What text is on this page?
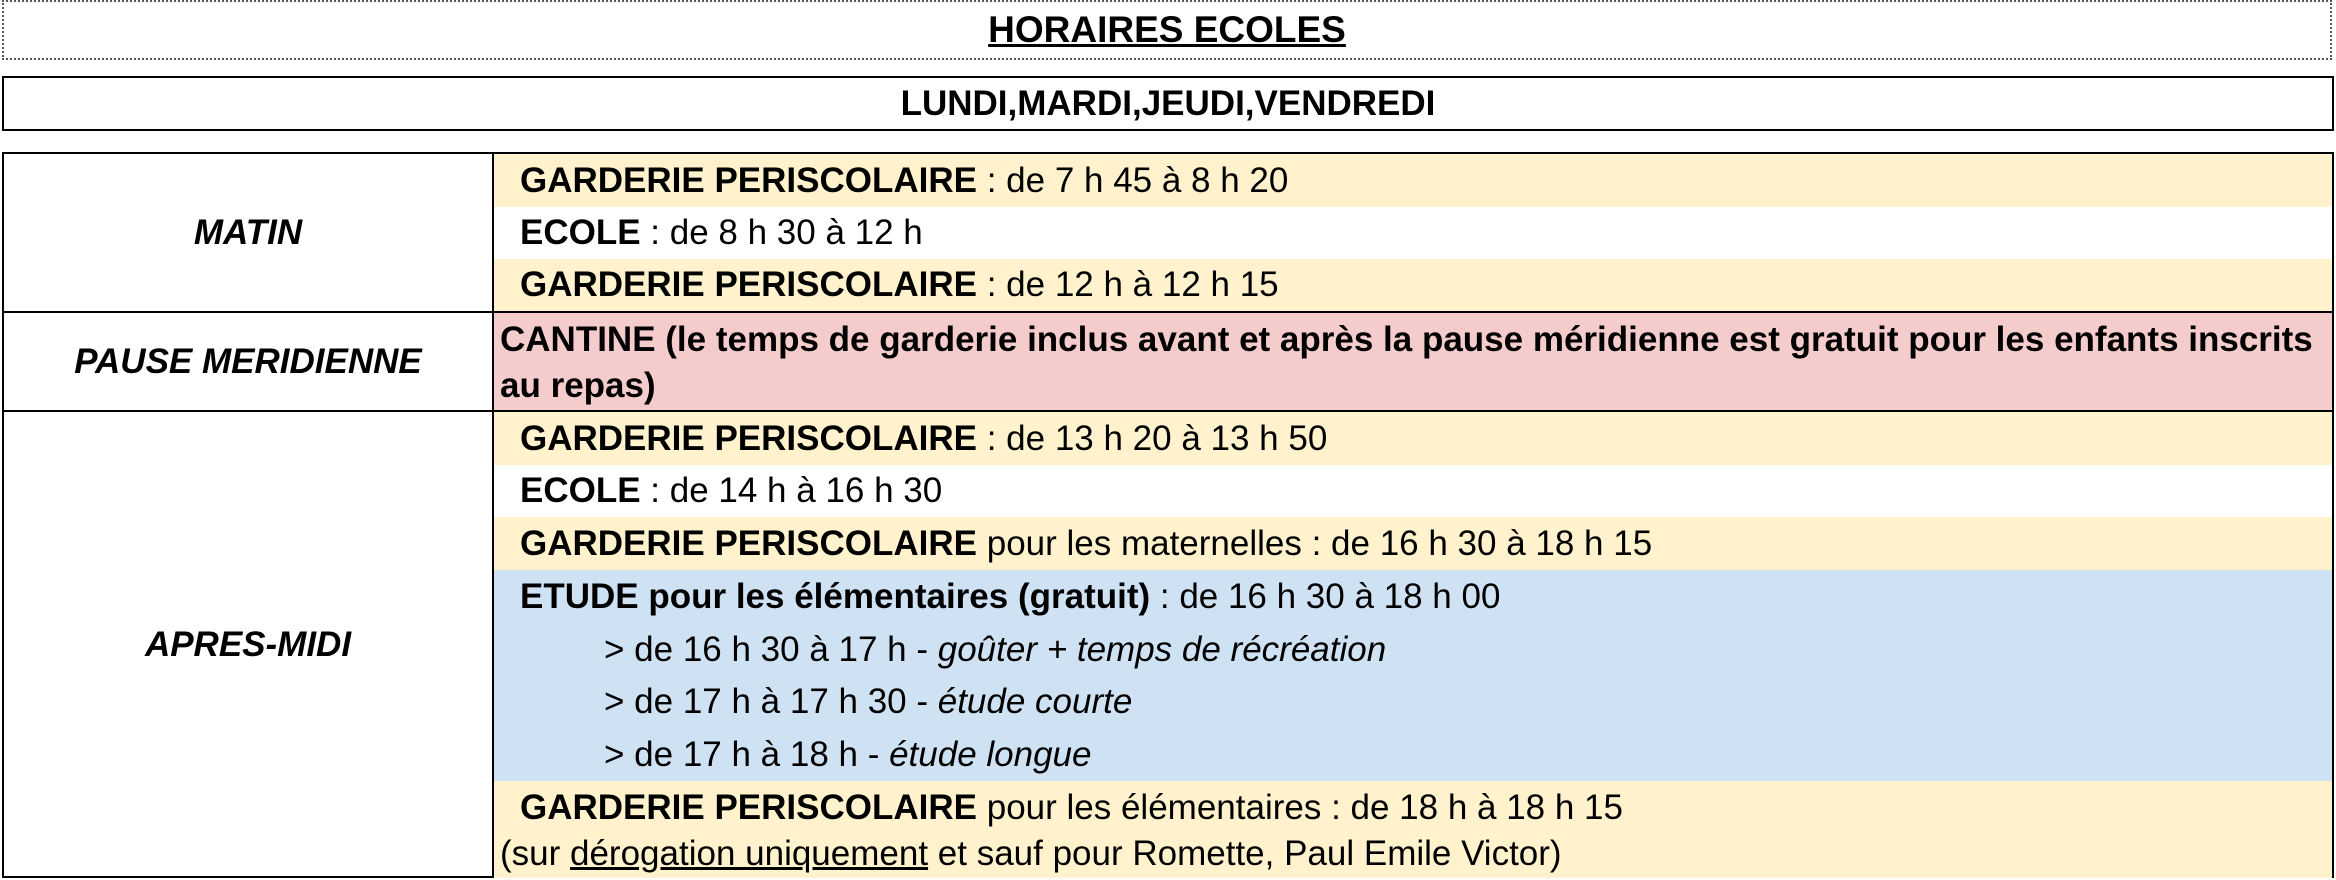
HORAIRES ECOLES
LUNDI , MARDI , JEUDI , VENDREDI
MATIN
GARDERIE PERISCOLAIRE : de 7 h 45 à 8 h 20
ECOLE : de 8 h 30 à 12 h
GARDERIE PERISCOLAIRE : de 12 h à 12 h 15
PAUSE MERIDIENNE
CANTINE (le temps de garderie inclus avant et après la pause méridienne est gratuit pour les enfants inscrits au repas)
APRES-MIDI
GARDERIE PERISCOLAIRE : de 13 h 20 à 13 h 50
ECOLE : de 14 h à 16 h 30
GARDERIE PERISCOLAIRE pour les maternelles : de 16 h 30 à 18 h 15
ETUDE pour les élémentaires (gratuit) : de 16 h 30 à 18 h 00
> de 16 h 30 à 17 h - goûter + temps de récréation
> de 17 h à 17 h 30 - étude courte
> de 17 h à 18 h - étude longue
GARDERIE PERISCOLAIRE pour les élémentaires : de 18 h à 18 h 15
(sur dérogation uniquement et sauf pour Romette, Paul Emile Victor)
